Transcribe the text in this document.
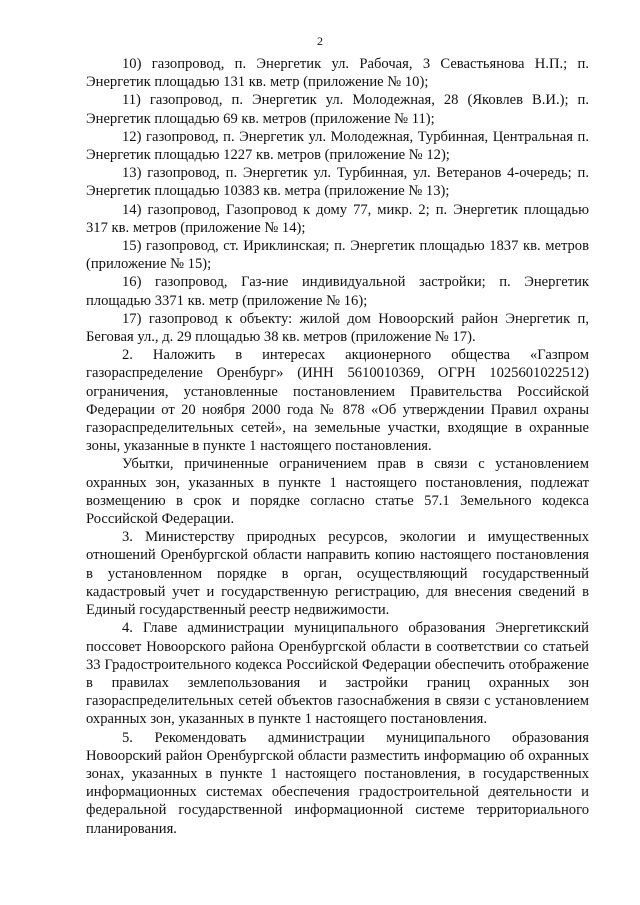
2

10) газопровод, п. Энергетик ул. Рабочая, 3 Севастьянова Н.П.; п. Энергетик площадью 131 кв. метр (приложение № 10);

11) газопровод, п. Энергетик ул. Молодежная, 28 (Яковлев В.И.); п. Энергетик площадью 69 кв. метров (приложение № 11);

12) газопровод, п. Энергетик ул. Молодежная, Турбинная, Центральная п. Энергетик площадью 1227 кв. метров (приложение № 12);

13) газопровод, п. Энергетик ул. Турбинная, ул. Ветеранов 4-очередь; п. Энергетик площадью 10383 кв. метра (приложение № 13);

14) газопровод, Газопровод к дому 77, микр. 2; п. Энергетик площадью 317 кв. метров (приложение № 14);

15) газопровод, ст. Ириклинская; п. Энергетик площадью 1837 кв. метров (приложение № 15);

16) газопровод, Газ-ние индивидуальной застройки; п. Энергетик площадью 3371 кв. метр (приложение № 16);

17) газопровод к объекту: жилой дом Новоорский район Энергетик п, Беговая ул., д. 29 площадью 38 кв. метров (приложение № 17).

2. Наложить в интересах акционерного общества «Газпром газораспределение Оренбург» (ИНН 5610010369, ОГРН 1025601022512) ограничения, установленные постановлением Правительства Российской Федерации от 20 ноября 2000 года № 878 «Об утверждении Правил охраны газораспределительных сетей», на земельные участки, входящие в охранные зоны, указанные в пункте 1 настоящего постановления.

Убытки, причиненные ограничением прав в связи с установлением охранных зон, указанных в пункте 1 настоящего постановления, подлежат возмещению в срок и порядке согласно статье 57.1 Земельного кодекса Российской Федерации.

3. Министерству природных ресурсов, экологии и имущественных отношений Оренбургской области направить копию настоящего постановления в установленном порядке в орган, осуществляющий государственный кадастровый учет и государственную регистрацию, для внесения сведений в Единый государственный реестр недвижимости.

4. Главе администрации муниципального образования Энергетикский поссовет Новоорского района Оренбургской области в соответствии со статьей 33 Градостроительного кодекса Российской Федерации обеспечить отображение в правилах землепользования и застройки границ охранных зон газораспределительных сетей объектов газоснабжения в связи с установлением охранных зон, указанных в пункте 1 настоящего постановления.

5. Рекомендовать администрации муниципального образования Новоорский район Оренбургской области разместить информацию об охранных зонах, указанных в пункте 1 настоящего постановления, в государственных информационных системах обеспечения градостроительной деятельности и федеральной государственной информационной системе территориального планирования.
